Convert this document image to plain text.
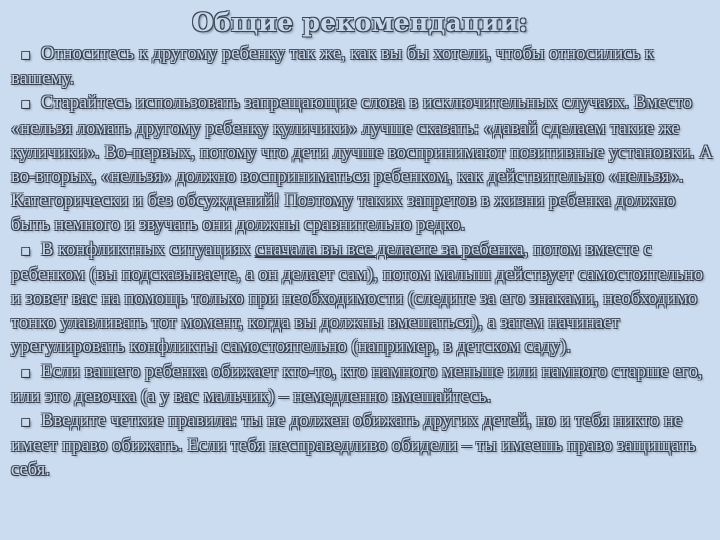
Общие рекомендации:

▪ Относитесь к другому ребенку так же, как вы бы хотели, чтобы относились к вашему.

▪ Старайтесь использовать запрещающие слова в исключительных случаях. Вместо «нельзя ломать другому ребенку куличики» лучше сказать: «давай сделаем такие же куличики». Во-первых, потому что дети лучше воспринимают позитивные установки. А во-вторых, «нельзя» должно восприниматься ребенком, как действительно «нельзя». Категорически и без обсуждений! Поэтому таких запретов в жизни ребенка должно быть немного и звучать они должны сравнительно редко.

▪ В конфликтных ситуациях сначала вы все делаете за ребенка, потом вместе с ребенком (вы подсказываете, а он делает сам), потом малыш действует самостоятельно и зовет вас на помощь только при необходимости (следите за его знаками, необходимо тонко улавливать тот момент, когда вы должны вмешаться), а затем начинает урегулировать конфликты самостоятельно (например, в детском саду).

▪ Если вашего ребенка обижает кто-то, кто намного меньше или намного старше его, или это девочка (а у вас мальчик) – немедленно вмешайтесь.

▪ Введите четкие правила: ты не должен обижать других детей, но и тебя никто не имеет право обижать. Если тебя несправедливо обидели – ты имеешь право защищать себя.
